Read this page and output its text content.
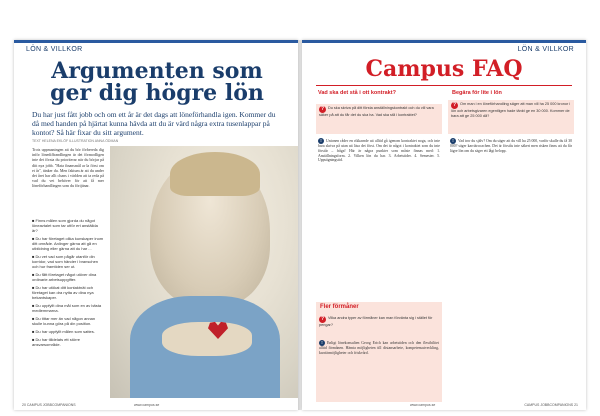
LÖN & VILLKOR
Argumenten som
ger dig högre lön
Du har just fått jobb och om ett år är det dags att löneförhandla igen. Kommer du då med handen på hjärtat kunna hävda att du är värd några extra tusenlappar på kontot? Så här fixar du sitt argument.
TEXT HELENA EKLÖF ILLUSTRATION ANNA ÖDMAN
Trots uppmaningen att du bör förbereda dig inför lönediffrandlingen är det förmodligen inte det första du prioriterar när du börjar på ditt nya jobb. "Hata finansmål ar la först om et år", tänker du. Men faktum är att du under det året har allt chans i världen att ta reda på vad du vet behöver för att få mer löneförhandlingen som du förtjänar.
■ Finns målen som gjorda du något löneavtalet som tar utför ert anställda är?
■ Du har företaget olika kunskaper inom ditt område. Anlinger gärna att gå en utbildning eller gärna att du har ...
■ Du vet vad som pågår utanför din korridor, vad som händer i branschen och hur framtiden ser ut.
■ Du fått företaget något utöver dina ordinarie arbetsuppgifter.
■ Du har utökat ditt kontaktnät och företaget kan dra nytta av dina nya bekantskaper.
■ Du uppfyllt dina mål som en av bästa medlemmarna.
■ Du tittar mer än vad någon annan skulle kunna göra på din position.
■ Du har uppfyllt målen som sattes.
■ Du har tilldelats ett större ansvarsområde.
20 CAMPUS JOBBCOMPANIONS	www.campus.se
LÖN & VILLKOR
Campus FAQ
Vad ska det stå i ott kontrakt?
? Du ska skriva på ditt första anställningskontrakt och du vill vara säker på att du får det du ska ha. Vad ska stå i kontraktet?
! Unionen råder en rikkarnde att alltid gå igenom kontraktet noga, och inte bara skriva på utan att läsa det först. Om det är något i kontraktet som du inte förstår – fråga! Här är några punkter som måste finnas med: 1. Anställningsform. 2. Vilken lön du har. 3. Arbetstider. 4. Semester. 5. Uppsägningstid.
Begära för lite i lön
? Om man i en löneförhandling säger att man vill ha 25 000 kronor i lön och arbetsgivaren egentligen hade tänkt ge en 30 000. Kommer de bara att ge 25 000 då?
! Vad tror du själv? Om du säger att du vill ha 25 000, varför skulle du få 30 000? säger karriärcoachen. Det är förstås inte säkert men risken finns att du får lägre lön om du säger ett lågt belopp.
Fler förmåner
? Vilka andra typer av förmåner kan man förvänta sig i stället för pengar?
! Enligt lönekonsulten Georg Erich kan arbetstiden och den flexibilitet alltid förmånen. Hämta möjligheten till distansarbete, kompetensutveckling, karriärmöjligheter och friskvård.
www.campus.se	CAMPUS JOBBCOMPANIONS 21
